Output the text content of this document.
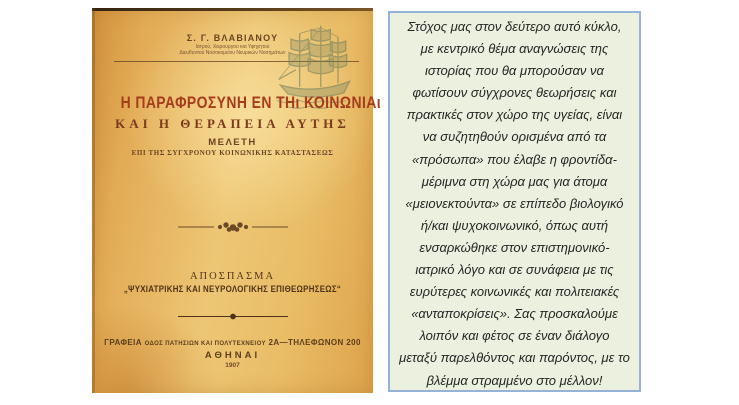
Σ. Γ. ΒΛΑΒΙΑΝΟΥ
Ιατρού, Χειρούργου και Υφηγητού
Διευθυντού Νοσοκομείου Νευρικών Νοσημάτων
Η ΠΑΡΑΦΡΟΣΥΝΗ ΕΝ ΤΗι ΚΟΙΝΩΝΙΑι
ΚΑΙ Η ΘΕΡΑΠΕΙΑ ΑΥΤΗΣ
ΜΕΛΕΤΗ
ΕΠΙ ΤΗΣ ΣΥΓΧΡΟΝΟΥ ΚΟΙΝΩΝΙΚΗΣ ΚΑΤΑΣΤΑΣΕΩΣ
ΑΠΟΣΠΑΣΜΑ
„ΨΥΧΙΑΤΡΙΚΗΣ ΚΑΙ ΝΕΥΡΟΛΟΓΙΚΗΣ ΕΠΙΘΕΩΡΗΣΕΩΣ“
ΓΡΑΦΕΙΑ ΟΔΟΣ ΠΑΤΗΣΙΩΝ ΚΑΙ ΠΟΛΥΤΕΧΝΕΙΟΥ 2Α—ΤΗΛΕΦΩΝΟΝ 200
ΑΘΗΝΑΙ
1907
Στόχος μας στον δεύτερο αυτό κύκλο,
με κεντρικό θέμα αναγνώσεις της
ιστορίας που θα μπορούσαν να
φωτίσουν σύγχρονες θεωρήσεις και
πρακτικές στον χώρο της υγείας, είναι
να συζητηθούν ορισμένα από τα
«πρόσωπα» που έλαβε η φροντίδα-
μέριμνα στη χώρα μας για άτομα
«μειονεκτούντα» σε επίπεδο βιολογικό
ή/και ψυχοκοινωνικό, όπως αυτή
ενσαρκώθηκε στον επιστημονικό-
ιατρικό λόγο και σε συνάφεια με τις
ευρύτερες κοινωνικές και πολιτειακές
«ανταποκρίσεις». Σας προσκαλούμε
λοιπόν και φέτος σε έναν διάλογο
μεταξύ παρελθόντος και παρόντος, με το
βλέμμα στραμμένο στο μέλλον!
